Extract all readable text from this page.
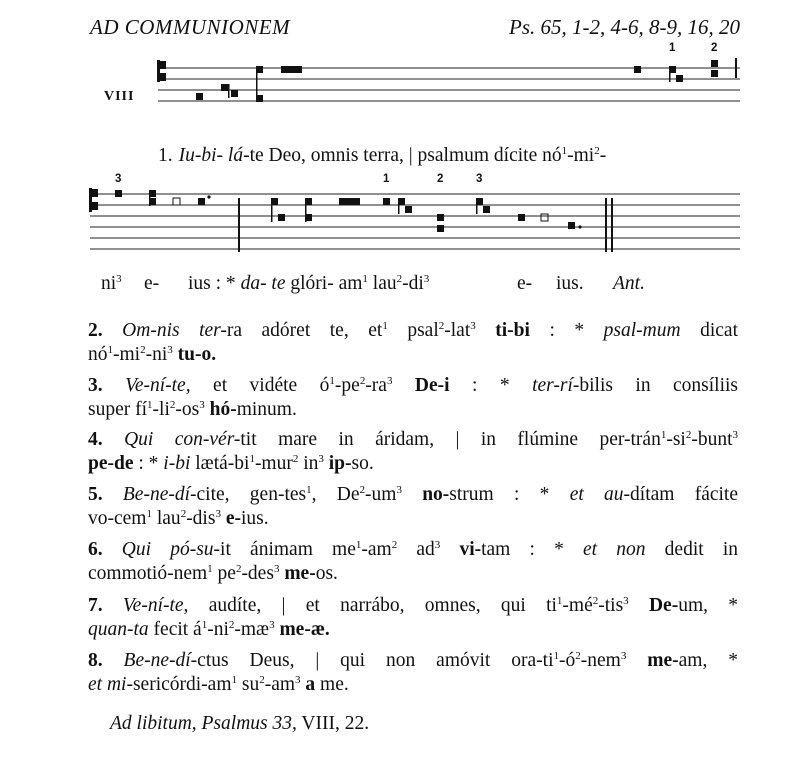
AD COMMUNIONEM	Ps. 65, 1-2, 4-6, 8-9, 16, 20
1	2
VIII
1. Iu-bi- lá-te Deo, omnis terra, | psalmum dícite $nó^1-mi^2-$
3	1	2	3
$ni^3$ e- ius : * da- te glóri- $am^1$ $lau^2-di^3$	e- ius. Ant.
2. Om-nis ter-ra adóret te, $et^1$ psal$^2$-lat$^3$ ti-bi : * psal-mum dicat
$nó^1-mi^2-ni^3$ tu-o.
3. Ve-ní-te, et vidéte $ó^1-pe^2-ra^3$ De-i : * ter-rí-bilis in consíliis
super $fí^1-li^2-os^3$ hó-minum.
4. Qui con-vér-tit mare in áridam, | in flúmine per-$trán^1-si^2-bunt^3$
pe-de : * i-bi lætá-$bi^1-mur^2$ $in^3$ ip-so.
5. Be-ne-dí-cite, gen-tes$^1$, $De^2-um^3$ no-strum : * et au-dítam fácite
vo-cem$^1$ lau$^2$-dis$^3$ e-ius.
6. Qui pó-su-it ánimam $me^1-am^2$ $ad^3$ vi-tam : * et non dedit in
commotió-nem$^1$ $pe^2-des^3$ me-os.
7. Ve-ní-te, audíte, | et narrábo, omnes, qui $ti^1-mé^2-tis^3$ De-um, *
quan-ta fecit $á^1-ni^2-mæ^3$ me-æ.
8. Be-ne-dí-ctus Deus, | qui non amóvit ora-$ti^1-ó^2-nem^3$ me-am, *
et $mi-sericórdi-am^1$ $su^2-am^3$ a me.
Ad libitum, Psalmus 33, VIII, 22.
